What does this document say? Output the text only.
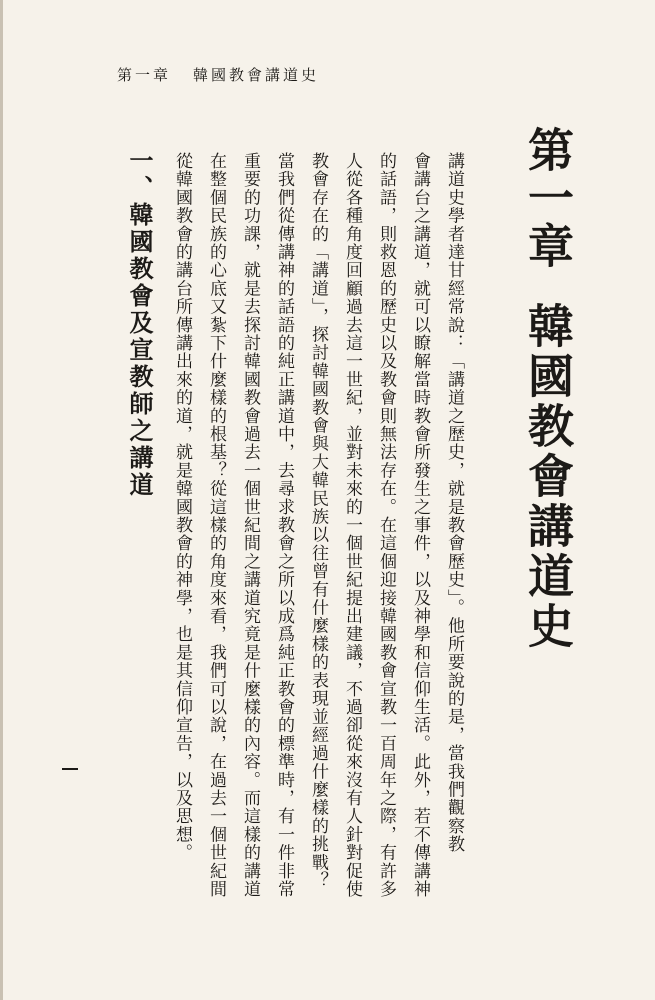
第一章 韓國教會講道史
第一章
韓國教會講道史
講道史學者達甘經常說：「講道之歷史，就是教會歷史」。他所要說的是，當我們觀察教
會講台之講道，就可以瞭解當時教會所發生之事件，以及神學和信仰生活。此外，若不傳講神
的話語，則救恩的歷史以及教會則無法存在。在這個迎接韓國教會宣教一百周年之際，有許多
人從各種角度回顧過去這一世紀，並對未來的一個世紀提出建議，不過卻從來沒有人針對促使
教會存在的「講道」，探討韓國教會與大韓民族以往曾有什麼樣的表現並經過什麼樣的挑戰？
當我們從傳講神的話語的純正講道中，去尋求教會之所以成爲純正教會的標準時，有一件非常
重要的功課，就是去探討韓國教會過去一個世紀間之講道究竟是什麼樣的內容。而這樣的講道
在整個民族的心底又紮下什麼樣的根基？從這樣的角度來看，我們可以說，在過去一個世紀間
從韓國教會的講台所傳講出來的道，就是韓國教會的神學，也是其信仰宣告，以及思想。
一、韓國教會及宣教師之講道
